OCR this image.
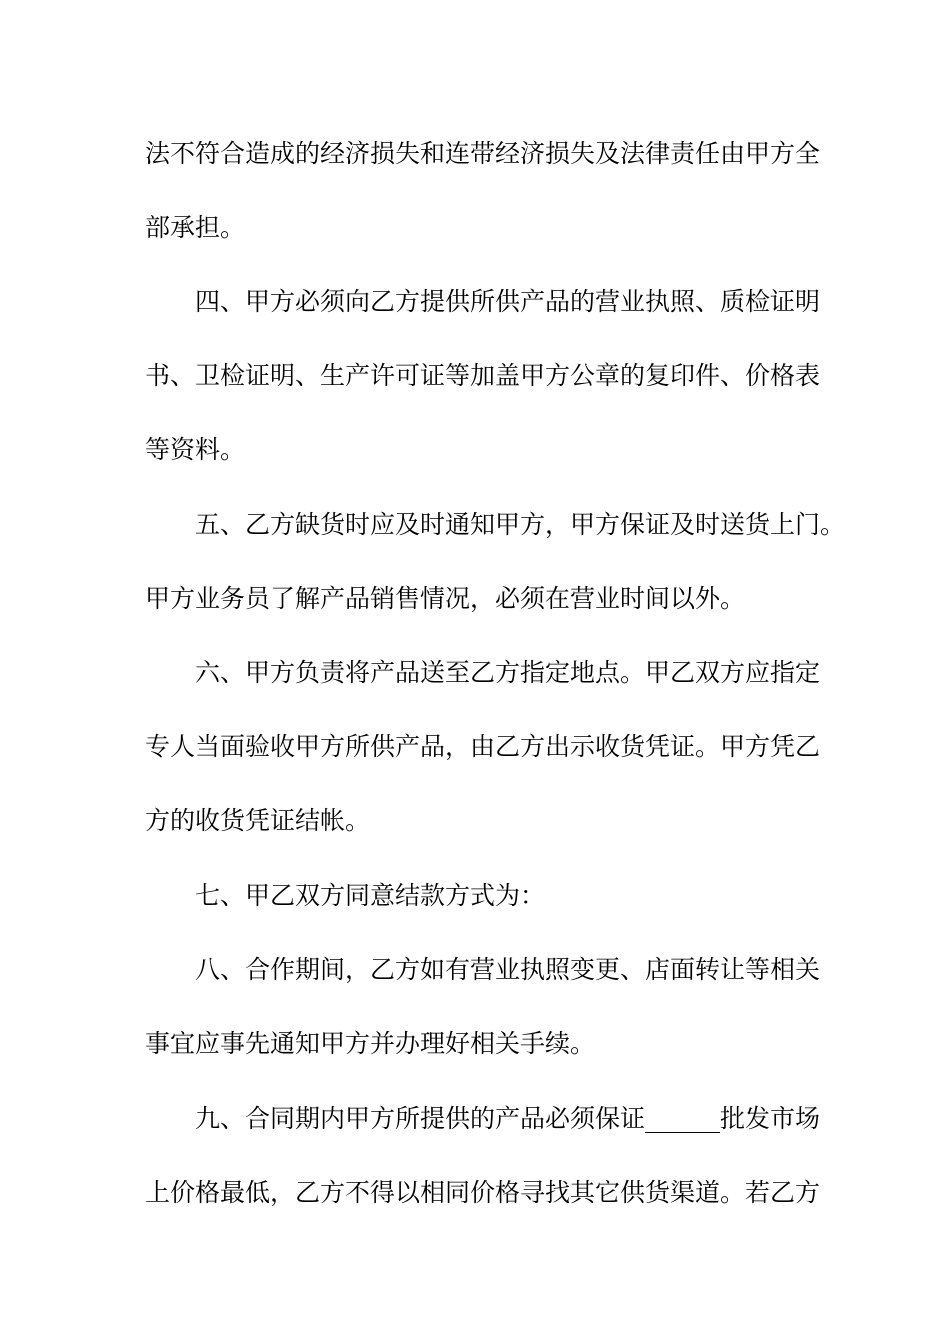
法不符合造成的经济损失和连带经济损失及法律责任由甲方全

部承担。

四、甲方必须向乙方提供所供产品的营业执照、质检证明

书、卫检证明、生产许可证等加盖甲方公章的复印件、价格表

等资料。

五、乙方缺货时应及时通知甲方，甲方保证及时送货上门。

甲方业务员了解产品销售情况，必须在营业时间以外。

六、甲方负责将产品送至乙方指定地点。甲乙双方应指定

专人当面验收甲方所供产品，由乙方出示收货凭证。甲方凭乙

方的收货凭证结帐。

七、甲乙双方同意结款方式为：

八、合作期间，乙方如有营业执照变更、店面转让等相关

事宜应事先通知甲方并办理好相关手续。

九、合同期内甲方所提供的产品必须保证______批发市场

上价格最低，乙方不得以相同价格寻找其它供货渠道。若乙方
